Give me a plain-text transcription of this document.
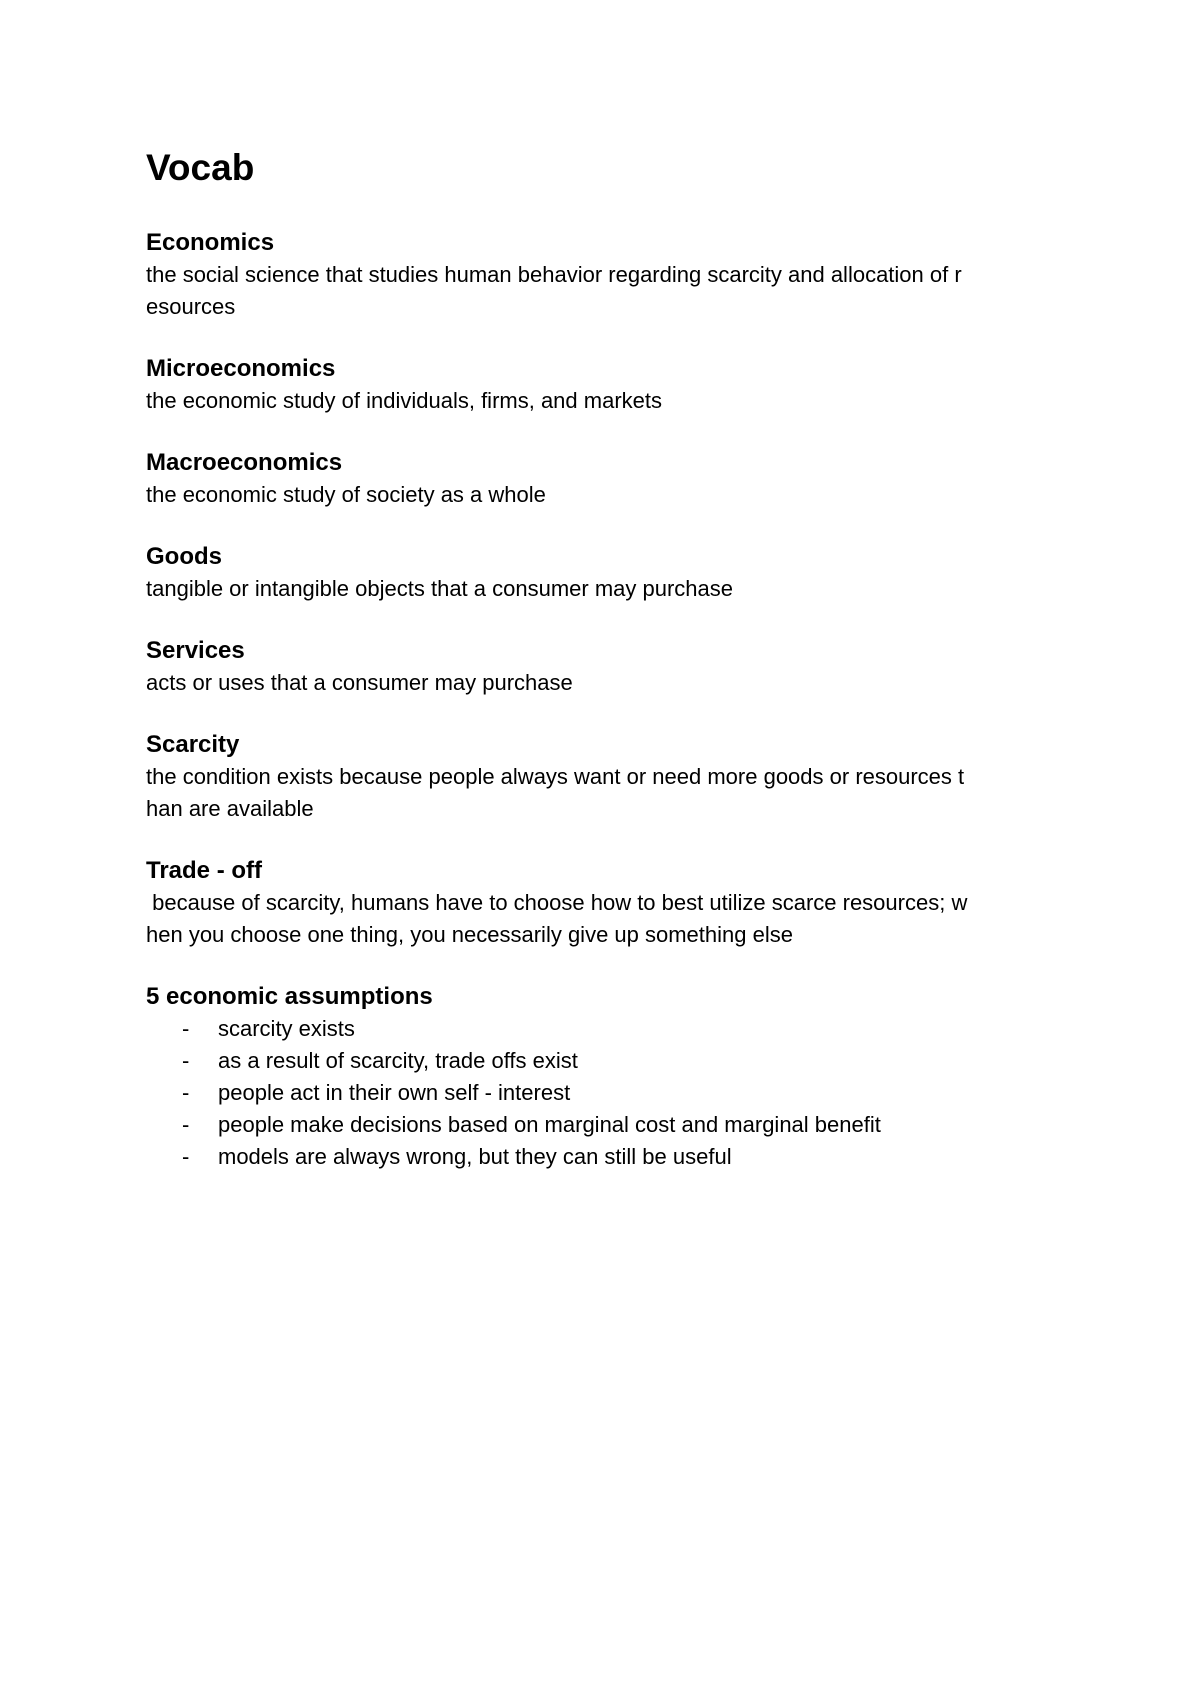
Vocab

Economics

the social science that studies human behavior regarding scarcity and allocation of r

esources

Microeconomics

the economic study of individuals, firms, and markets

Macroeconomics

the economic study of society as a whole

Goods

tangible or intangible objects that a consumer may purchase

Services

acts or uses that a consumer may purchase

Scarcity

the condition exists because people always want or need more goods or resources t

han are available

Trade - off

because of scarcity, humans have to choose how to best utilize scarce resources; w

hen you choose one thing, you necessarily give up something else

5 economic assumptions

- scarcity exists
- as a result of scarcity, trade offs exist
- people act in their own self - interest
- people make decisions based on marginal cost and marginal benefit
- models are always wrong, but they can still be useful
